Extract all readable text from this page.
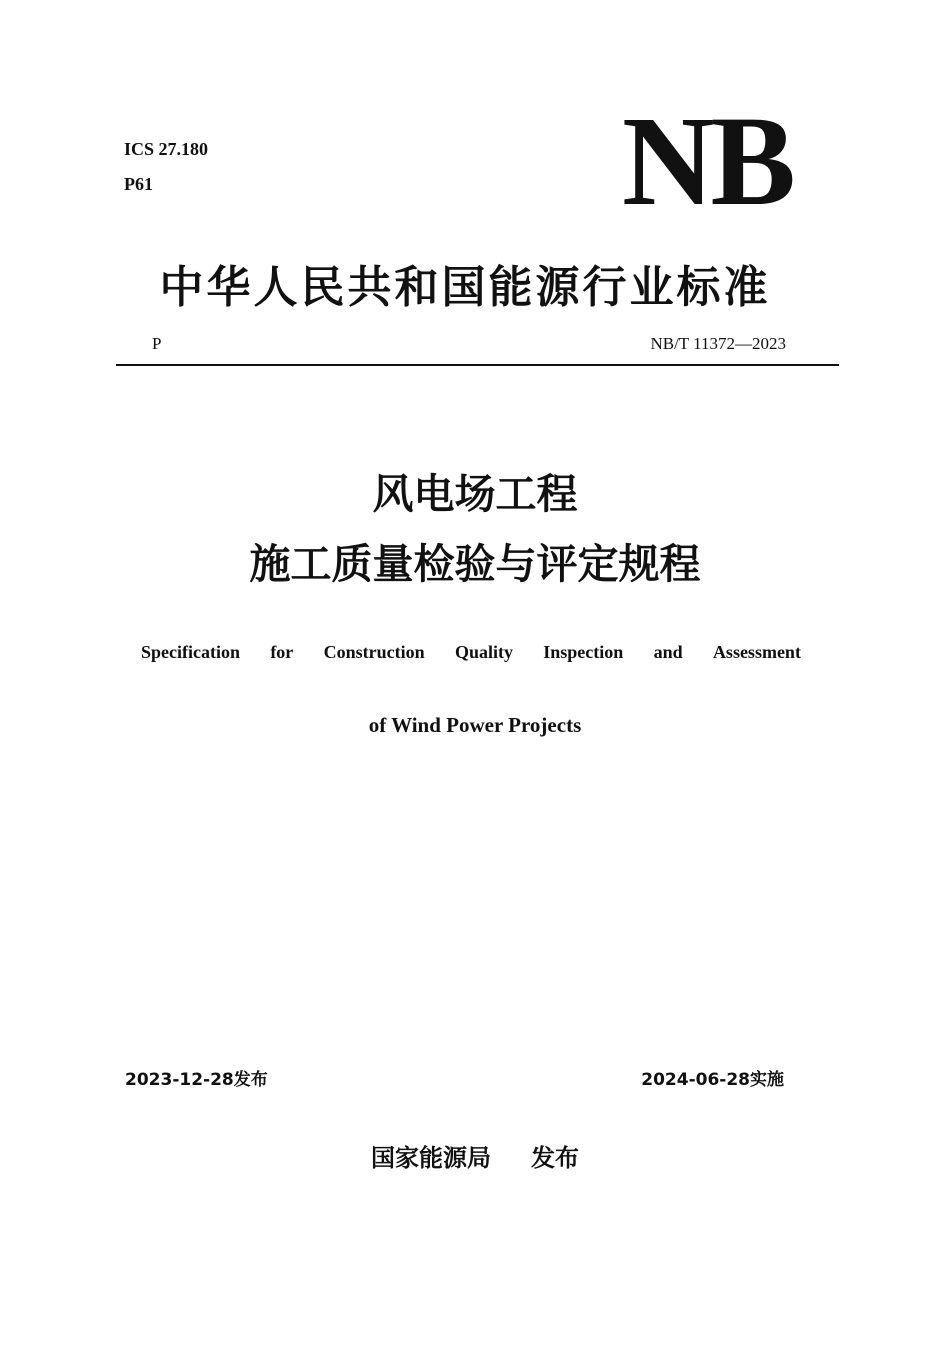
ICS 27.180
P61	NB
中华人民共和国能源行业标准
P	NB/T 11372—2023
风电场工程
施工质量检验与评定规程
Specification for Construction Quality Inspection and Assessment
of Wind Power Projects
2023-12-28发布	2024-06-28实施
国家能源局 发布
